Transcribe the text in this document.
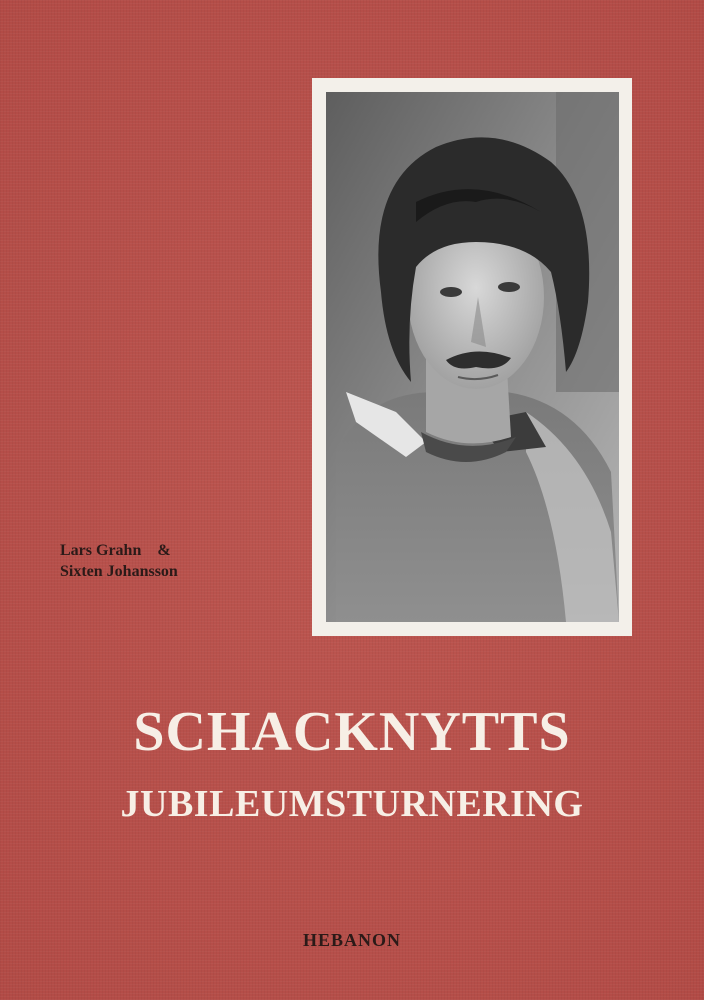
Lars Grahn &
Sixten Johansson
SCHACKNYTTS
JUBILEUMSTURNERING
HEBANON
